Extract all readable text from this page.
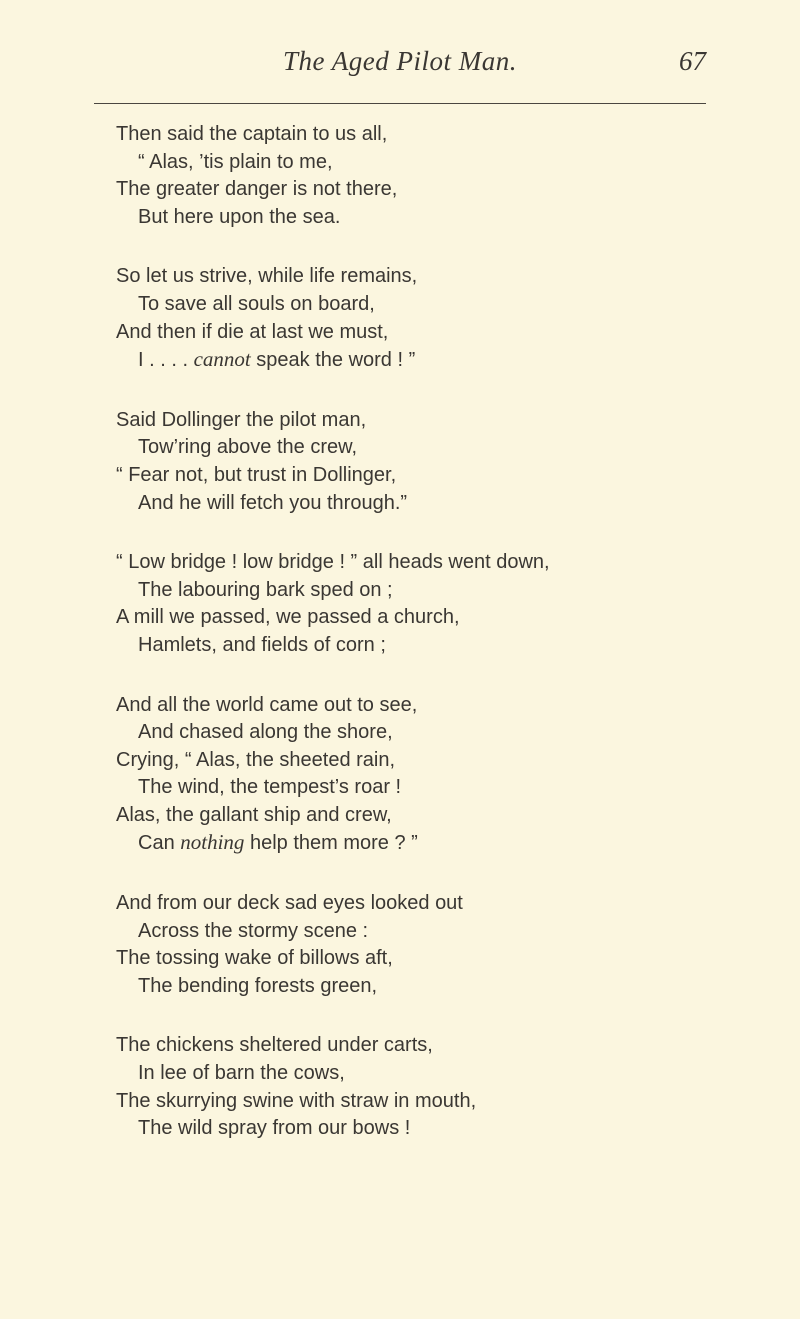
The Aged Pilot Man.	67
Then said the captain to us all,
“ Alas, ’tis plain to me,
The greater danger is not there,
But here upon the sea.
So let us strive, while life remains,
To save all souls on board,
And then if die at last we must,
I . . . . cannot speak the word ! ”
Said Dollinger the pilot man,
Tow’ring above the crew,
“ Fear not, but trust in Dollinger,
And he will fetch you through.”
“ Low bridge ! low bridge ! ” all heads went down,
The labouring bark sped on ;
A mill we passed, we passed a church,
Hamlets, and fields of corn ;
And all the world came out to see,
And chased along the shore,
Crying, “ Alas, the sheeted rain,
The wind, the tempest’s roar !
Alas, the gallant ship and crew,
Can nothing help them more ? ”
And from our deck sad eyes looked out
Across the stormy scene :
The tossing wake of billows aft,
The bending forests green,
The chickens sheltered under carts,
In lee of barn the cows,
The skurrying swine with straw in mouth,
The wild spray from our bows !
